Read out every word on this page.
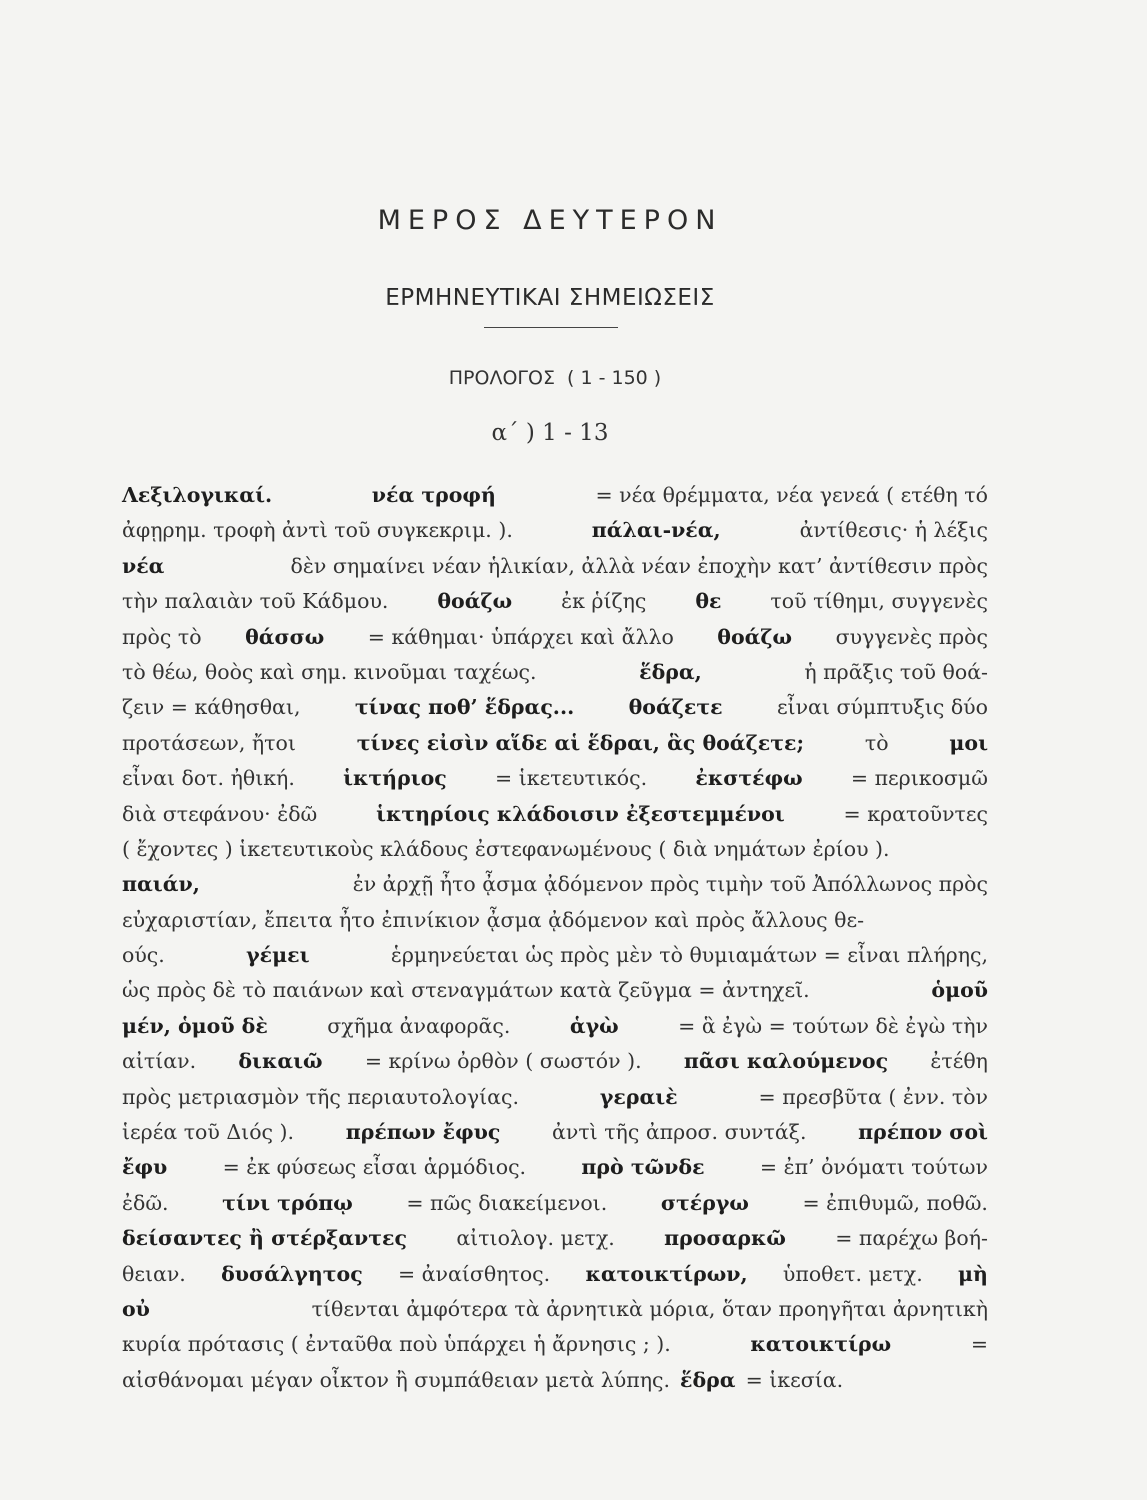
ΜΕΡΟΣ ΔΕΥΤΕΡΟΝ
ΕΡΜΗΝΕΥΤΙΚΑΙ ΣΗΜΕΙΩΣΕΙΣ
ΠΡΟΛΟΓΟΣ ( 1 - 150 )
α΄ ) 1 - 13
Λεξιλογικαί.	νέα τροφή	= νέα θρέμματα, νέα γενεά ( ετέθη τό
ἀφῃρημ. τροφὴ ἀντὶ τοῦ συγκεκριμ. ).	πάλαι-νέα,	ἀντίθεσις· ἡ λέξις
νέα	δὲν σημαίνει νέαν ἡλικίαν, ἀλλὰ νέαν ἐποχὴν κατ’ ἀντίθεσιν πρὸς
τὴν παλαιὰν τοῦ Κάδμου. θοάζω ἐκ ῥίζης θε τοῦ τίθημι, συγγενὲς
πρὸς τὸ θάσσω = κάθημαι· ὑπάρχει καὶ ἄλλο θοάζω συγγενὲς πρὸς
τὸ θέω, θοὸς καὶ σημ. κινοῦμαι ταχέως.	ἕδρα,	ἡ πρᾶξις τοῦ θοά-
ζειν = κάθησθαι,	τίνας ποθ’ ἕδρας...	θοάζετε	εἶναι σύμπτυξις δύο
προτάσεων, ἤτοι	τίνες εἰσὶν αἵδε αἱ ἕδραι, ἃς θοάζετε;	τὸ	μοι
εἶναι δοτ. ἠθική. ἱκτήριος = ἱκετευτικός. ἐκστέφω = περικοσμῶ
διὰ στεφάνου· ἐδῶ	ἱκτηρίοις κλάδοισιν ἐξεστεμμένοι	= κρατοῦντες
( ἔχοντες ) ἱκετευτικοὺς κλάδους ἐστεφανωμένους ( διὰ νημάτων ἐρίου ).
παιάν,	ἐν ἀρχῇ ἦτο ᾆσμα ᾀδόμενον πρὸς τιμὴν τοῦ Ἀπόλλωνος πρὸς
εὐχαριστίαν, ἔπειτα ἦτο ἐπινίκιον ᾆσμα ᾀδόμενον καὶ πρὸς ἄλλους θε-
ούς.	γέμει	ἑρμηνεύεται ὡς πρὸς μὲν τὸ θυμιαμάτων = εἶναι πλήρης,
ὡς πρὸς δὲ τὸ παιάνων καὶ στεναγμάτων κατὰ ζεῦγμα = ἀντηχεῖ.	ὁμοῦ
μέν, ὁμοῦ δὲ	σχῆμα ἀναφορᾶς.	ἁγὼ	= ἃ ἐγὼ = τούτων δὲ ἐγὼ τὴν
αἰτίαν. δικαιῶ = κρίνω ὀρθὸν ( σωστόν ). πᾶσι καλούμενος ἐτέθη
πρὸς μετριασμὸν τῆς περιαυτολογίας.	γεραιὲ	= πρεσβῦτα ( ἐνν. τὸν
ἱερέα τοῦ Διός ).	πρέπων ἔφυς	ἀντὶ τῆς ἀπροσ. συντάξ.	πρέπον σοὶ
ἔφυ	= ἐκ φύσεως εἶσαι ἁρμόδιος.	πρὸ τῶνδε	= ἐπ’ ὀνόματι τούτων
ἐδῶ.	τίνι τρόπῳ	= πῶς διακείμενοι.	στέργω	= ἐπιθυμῶ, ποθῶ.
δείσαντες ἢ στέρξαντες αἰτιολογ. μετχ. προσαρκῶ = παρέχω βοή-
θειαν. δυσάλγητος = ἀναίσθητος. κατοικτίρων, ὑποθετ. μετχ. μὴ
οὐ	τίθενται ἀμφότερα τὰ ἀρνητικὰ μόρια, ὅταν προηγῆται ἀρνητικὴ
κυρία πρότασις ( ἐνταῦθα ποὺ ὑπάρχει ἡ ἄρνησις ; ).	κατοικτίρω	=
αἰσθάνομαι μέγαν οἶκτον ἢ συμπάθειαν μετὰ λύπης. ἕδρα = ἱκεσία.
